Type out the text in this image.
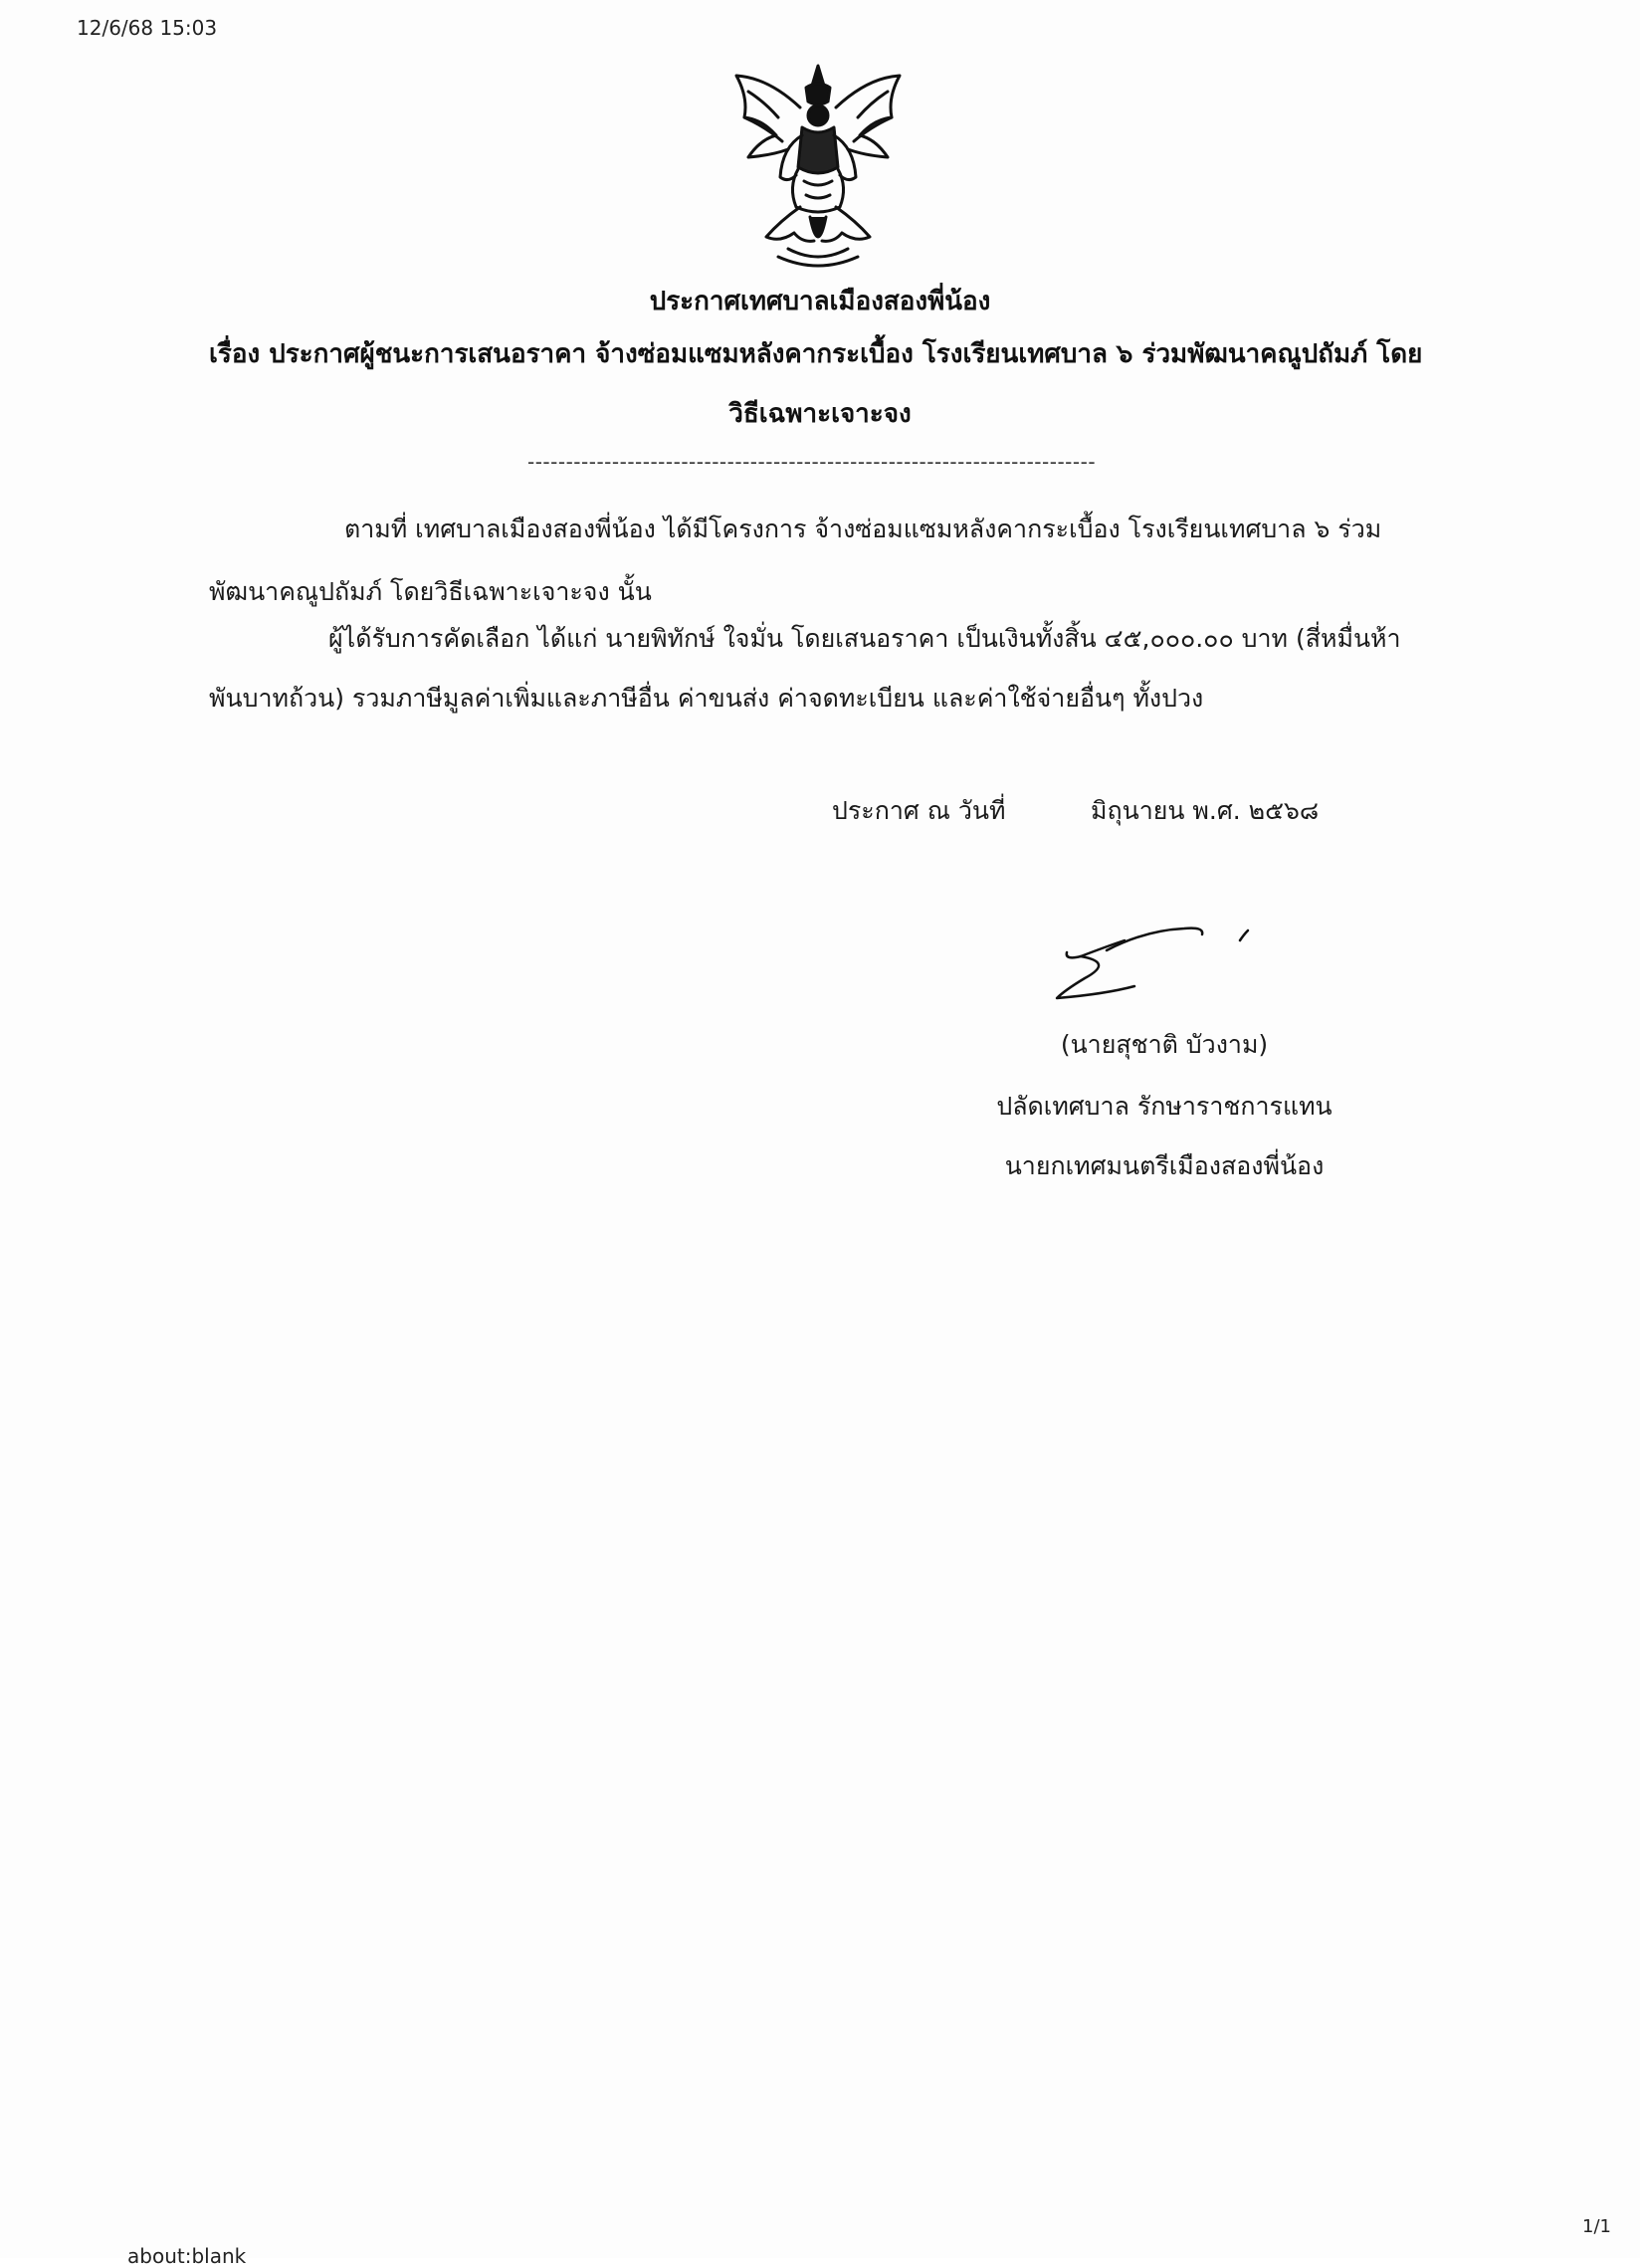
12/6/68 15:03
ประกาศเทศบาลเมืองสองพี่น้อง
เรื่อง ประกาศผู้ชนะการเสนอราคา จ้างซ่อมแซมหลังคากระเบื้อง โรงเรียนเทศบาล ๖ ร่วมพัฒนาคณูปถัมภ์ โดย
วิธีเฉพาะเจาะจง
--------------------------------------------------------------------------
ตามที่ เทศบาลเมืองสองพี่น้อง ได้มีโครงการ จ้างซ่อมแซมหลังคากระเบื้อง โรงเรียนเทศบาล ๖ ร่วม
พัฒนาคณูปถัมภ์ โดยวิธีเฉพาะเจาะจง นั้น
ผู้ได้รับการคัดเลือก ได้แก่ นายพิทักษ์ ใจมั่น โดยเสนอราคา เป็นเงินทั้งสิ้น ๔๕,๐๐๐.๐๐ บาท (สี่หมื่นห้า
พันบาทถ้วน) รวมภาษีมูลค่าเพิ่มและภาษีอื่น ค่าขนส่ง ค่าจดทะเบียน และค่าใช้จ่ายอื่นๆ ทั้งปวง
ประกาศ ณ วันที่	มิถุนายน พ.ศ. ๒๕๖๘
(นายสุชาติ บัวงาม)
ปลัดเทศบาล รักษาราชการแทน
นายกเทศมนตรีเมืองสองพี่น้อง
1/1
about:blank
